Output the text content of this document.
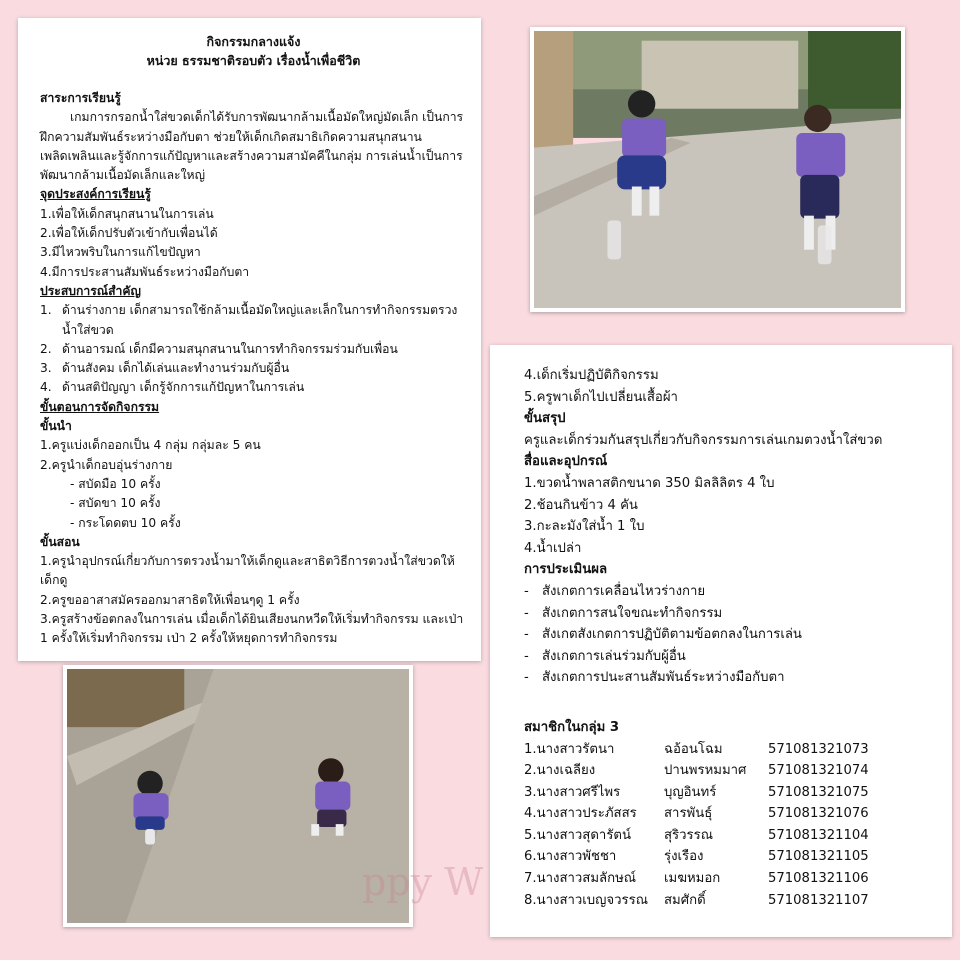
กิจกรรมกลางแจ้ง
หน่วย ธรรมชาติรอบตัว เรื่องน้ำเพื่อชีวิต
สาระการเรียนรู้

เกมการกรอกน้ำใส่ขวดเด็กได้รับการพัฒนากล้ามเนื้อมัดใหญ่มัดเล็ก เป็นการฝึกความสัมพันธ์ระหว่างมือกับตา ช่วยให้เด็กเกิดสมาธิเกิดความสนุกสนานเพลิดเพลินและรู้จักการแก้ปัญหาและสร้างความสามัคคีในกลุ่ม การเล่นน้ำเป็นการพัฒนากล้ามเนื้อมัดเล็กและใหญ่

จุดประสงค์การเรียนรู้
1.เพื่อให้เด็กสนุกสนานในการเล่น
2.เพื่อให้เด็กปรับตัวเข้ากับเพื่อนได้
3.มีไหวพริบในการแก้ไขปัญหา
4.มีการประสานสัมพันธ์ระหว่างมือกับตา
ประสบการณ์สำคัญ
1. ด้านร่างกาย เด็กสามารถใช้กล้ามเนื้อมัดใหญ่และเล็กในการทำกิจกรรมตรวงน้ำใส่ขวด
2. ด้านอารมณ์ เด็กมีความสนุกสนานในการทำกิจกรรมร่วมกับเพื่อน
3. ด้านสังคม เด็กได้เล่นและทำงานร่วมกับผู้อื่น
4. ด้านสติปัญญา เด็กรู้จักการแก้ปัญหาในการเล่น
ขั้นตอนการจัดกิจกรรม
ขั้นนำ
1.ครูแบ่งเด็กออกเป็น 4 กลุ่ม กลุ่มละ 5 คน
2.ครูนำเด็กอบอุ่นร่างกาย
- สบัดมือ 10 ครั้ง
- สบัดขา 10 ครั้ง
- กระโดดตบ 10 ครั้ง
ขั้นสอน
1.ครูนำอุปกรณ์เกี่ยวกับการตรวงน้ำมาให้เด็กดูและสาธิตวิธีการตวงน้ำใส่ขวดให้เด็กดู
2.ครูขออาสาสมัครออกมาสาธิตให้เพื่อนๆดู 1 ครั้ง
3.ครูสร้างข้อตกลงในการเล่น เมื่อเด็กได้ยินเสียงนกหวีดให้เริ่มทำกิจกรรม และเป่า 1 ครั้งให้เริ่มทำกิจกรรม เป่า 2 ครั้งให้หยุดการทำกิจกรรม
4.เด็กเริ่มปฏิบัติกิจกรรม
5.ครูพาเด็กไปเปลี่ยนเสื้อผ้า
ขั้นสรุป
ครูและเด็กร่วมกันสรุปเกี่ยวกับกิจกรรมการเล่นเกมตวงน้ำใส่ขวด
สื่อและอุปกรณ์
1.ขวดน้ำพลาสติกขนาด 350 มิลลิลิตร 4 ใบ
2.ช้อนกินข้าว 4 คัน
3.กะละมังใส่น้ำ 1 ใบ
4.น้ำเปล่า
การประเมินผล
-	สังเกตการเคลื่อนไหวร่างกาย
-	สังเกตการสนใจขณะทำกิจกรรม
-	สังเกตสังเกตการปฏิบัติตามข้อตกลงในการเล่น
-	สังเกตการเล่นร่วมกับผู้อื่น
-	สังเกตการปนะสานสัมพันธ์ระหว่างมือกับตา
สมาชิกในกลุ่ม 3
1.นางสาวรัตนา	ฉอ้อนโฉม	571081321073
2.นางเฉลียง	ปานพรหมมาศ	571081321074
3.นางสาวศรีไพร	บุญอินทร์	571081321075
4.นางสาวประภัสสร	สารพันธุ์	571081321076
5.นางสาวสุดารัตน์	สุริวรรณ	571081321104
6.นางสาวพัชชา	รุ่งเรือง	571081321105
7.นางสาวสมลักษณ์	เมฆหมอก	571081321106
8.นางสาวเบญจวรรณ	สมศักดิ์	571081321107
ppy W
